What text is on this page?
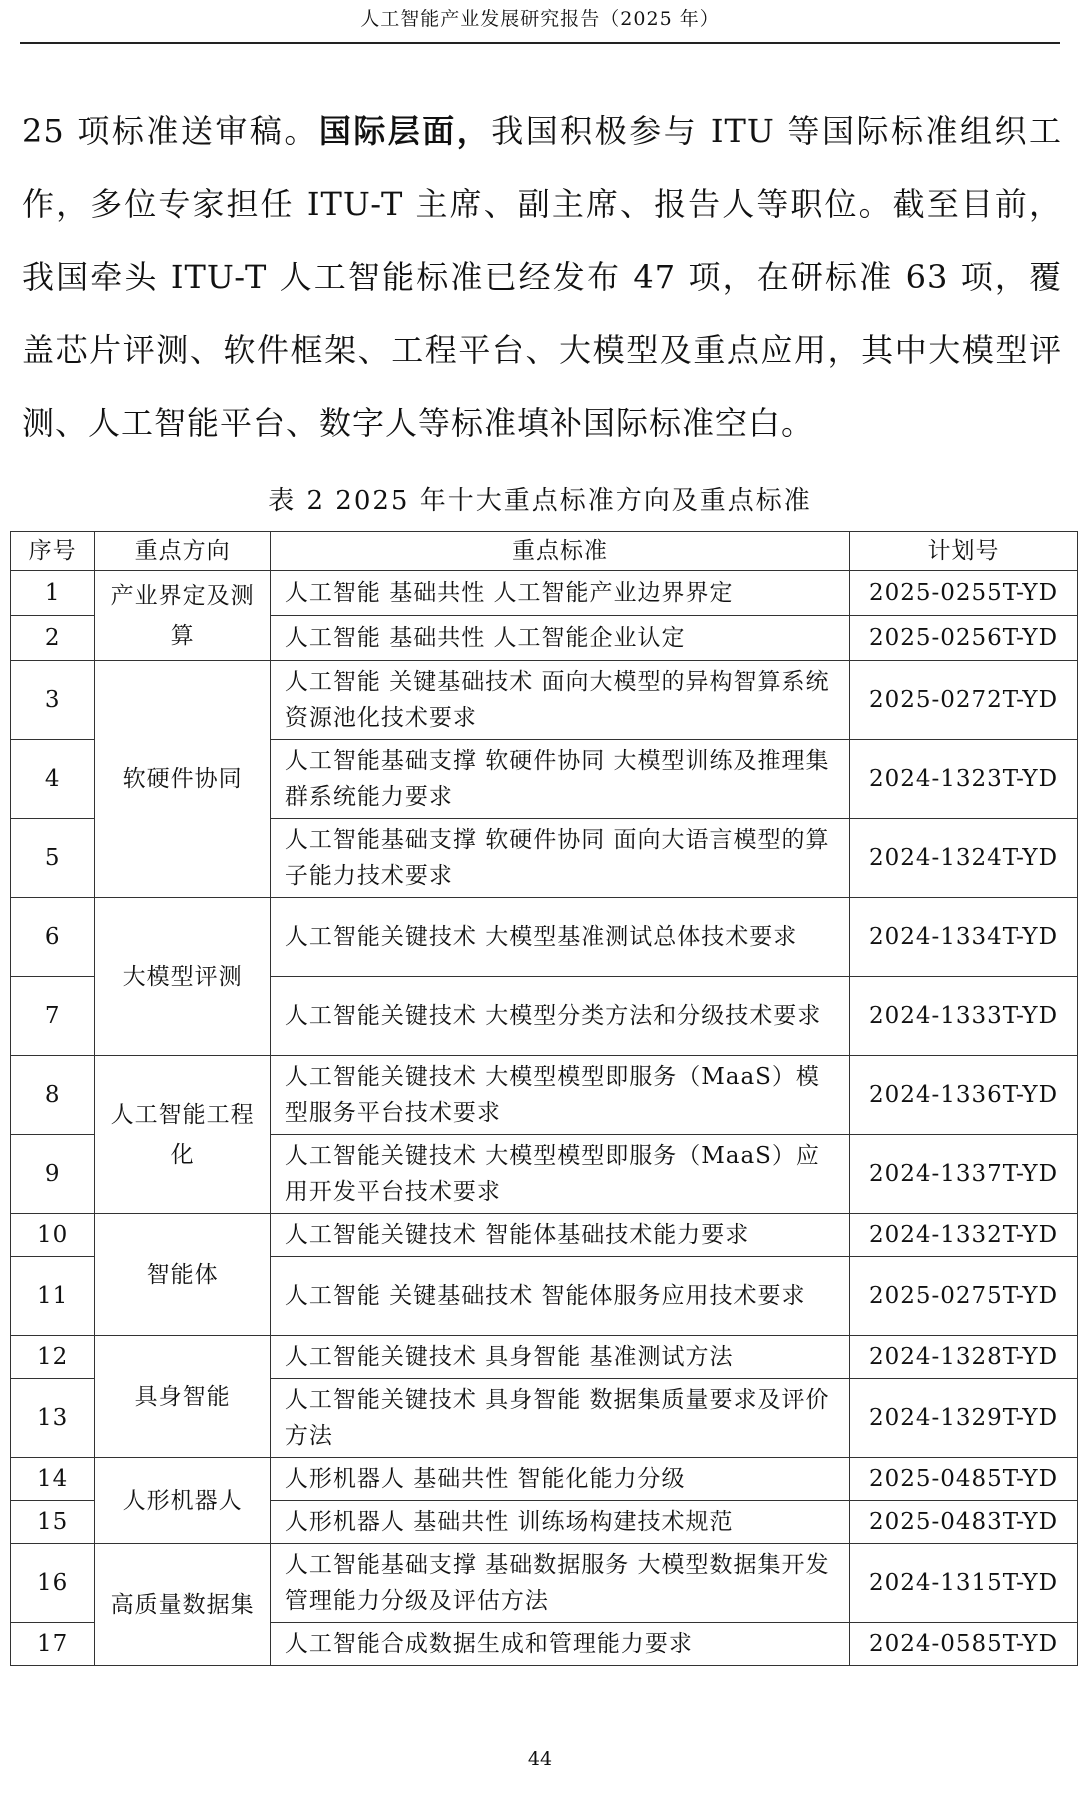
人工智能产业发展研究报告（2025 年）

25 项标准送审稿。国际层面，我国积极参与 ITU 等国际标准组织工作，多位专家担任 ITU-T 主席、副主席、报告人等职位。截至目前，我国牵头 ITU-T 人工智能标准已经发布 47 项，在研标准 63 项，覆盖芯片评测、软件框架、工程平台、大模型及重点应用，其中大模型评测、人工智能平台、数字人等标准填补国际标准空白。

表 2 2025 年十大重点标准方向及重点标准
序号	重点方向	重点标准	计划号
1	产业界定及测算	人工智能 基础共性 人工智能产业边界界定	2025-0255T-YD
2		人工智能 基础共性 人工智能企业认定	2025-0256T-YD
3	软硬件协同	人工智能 关键基础技术 面向大模型的异构智算系统资源池化技术要求	2025-0272T-YD
4		人工智能基础支撑 软硬件协同 大模型训练及推理集群系统能力要求	2024-1323T-YD
5		人工智能基础支撑 软硬件协同 面向大语言模型的算子能力技术要求	2024-1324T-YD
6	大模型评测	人工智能关键技术 大模型基准测试总体技术要求	2024-1334T-YD
7		人工智能关键技术 大模型分类方法和分级技术要求	2024-1333T-YD
8	人工智能工程化	人工智能关键技术 大模型模型即服务（MaaS）模型服务平台技术要求	2024-1336T-YD
9		人工智能关键技术 大模型模型即服务（MaaS）应用开发平台技术要求	2024-1337T-YD
10	智能体	人工智能关键技术 智能体基础技术能力要求	2024-1332T-YD
11		人工智能 关键基础技术 智能体服务应用技术要求	2025-0275T-YD
12	具身智能	人工智能关键技术 具身智能 基准测试方法	2024-1328T-YD
13		人工智能关键技术 具身智能 数据集质量要求及评价方法	2024-1329T-YD
14	人形机器人	人形机器人 基础共性 智能化能力分级	2025-0485T-YD
15		人形机器人 基础共性 训练场构建技术规范	2025-0483T-YD
16	高质量数据集	人工智能基础支撑 基础数据服务 大模型数据集开发管理能力分级及评估方法	2024-1315T-YD
17		人工智能合成数据生成和管理能力要求	2024-0585T-YD
44
